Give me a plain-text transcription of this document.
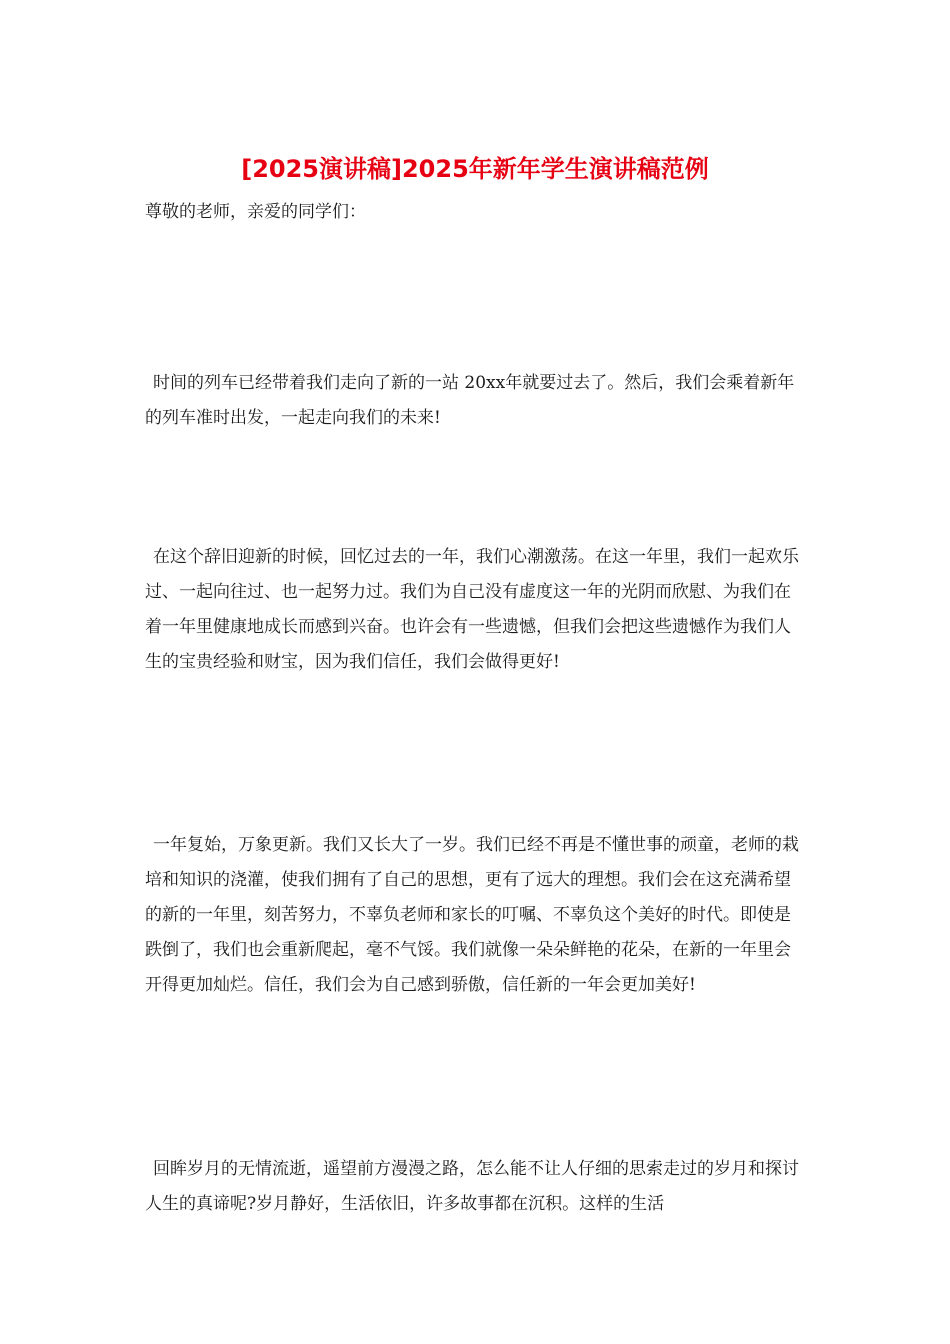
[2025演讲稿]2025年新年学生演讲稿范例

尊敬的老师，亲爱的同学们：

时间的列车已经带着我们走向了新的一站 20xx年就要过去了。然后，我们会乘着新年的列车准时出发，一起走向我们的未来!

在这个辞旧迎新的时候，回忆过去的一年，我们心潮激荡。在这一年里，我们一起欢乐过、一起向往过、也一起努力过。我们为自己没有虚度这一年的光阴而欣慰、为我们在着一年里健康地成长而感到兴奋。也许会有一些遗憾，但我们会把这些遗憾作为我们人生的宝贵经验和财宝，因为我们信任，我们会做得更好!

一年复始，万象更新。我们又长大了一岁。我们已经不再是不懂世事的顽童，老师的栽培和知识的浇灌，使我们拥有了自己的思想，更有了远大的理想。我们会在这充满希望的新的一年里，刻苦努力，不辜负老师和家长的叮嘱、不辜负这个美好的时代。即使是跌倒了，我们也会重新爬起，毫不气馁。我们就像一朵朵鲜艳的花朵，在新的一年里会开得更加灿烂。信任，我们会为自己感到骄傲，信任新的一年会更加美好!

回眸岁月的无情流逝，遥望前方漫漫之路，怎么能不让人仔细的思索走过的岁月和探讨人生的真谛呢?岁月静好，生活依旧，许多故事都在沉积。这样的生活
